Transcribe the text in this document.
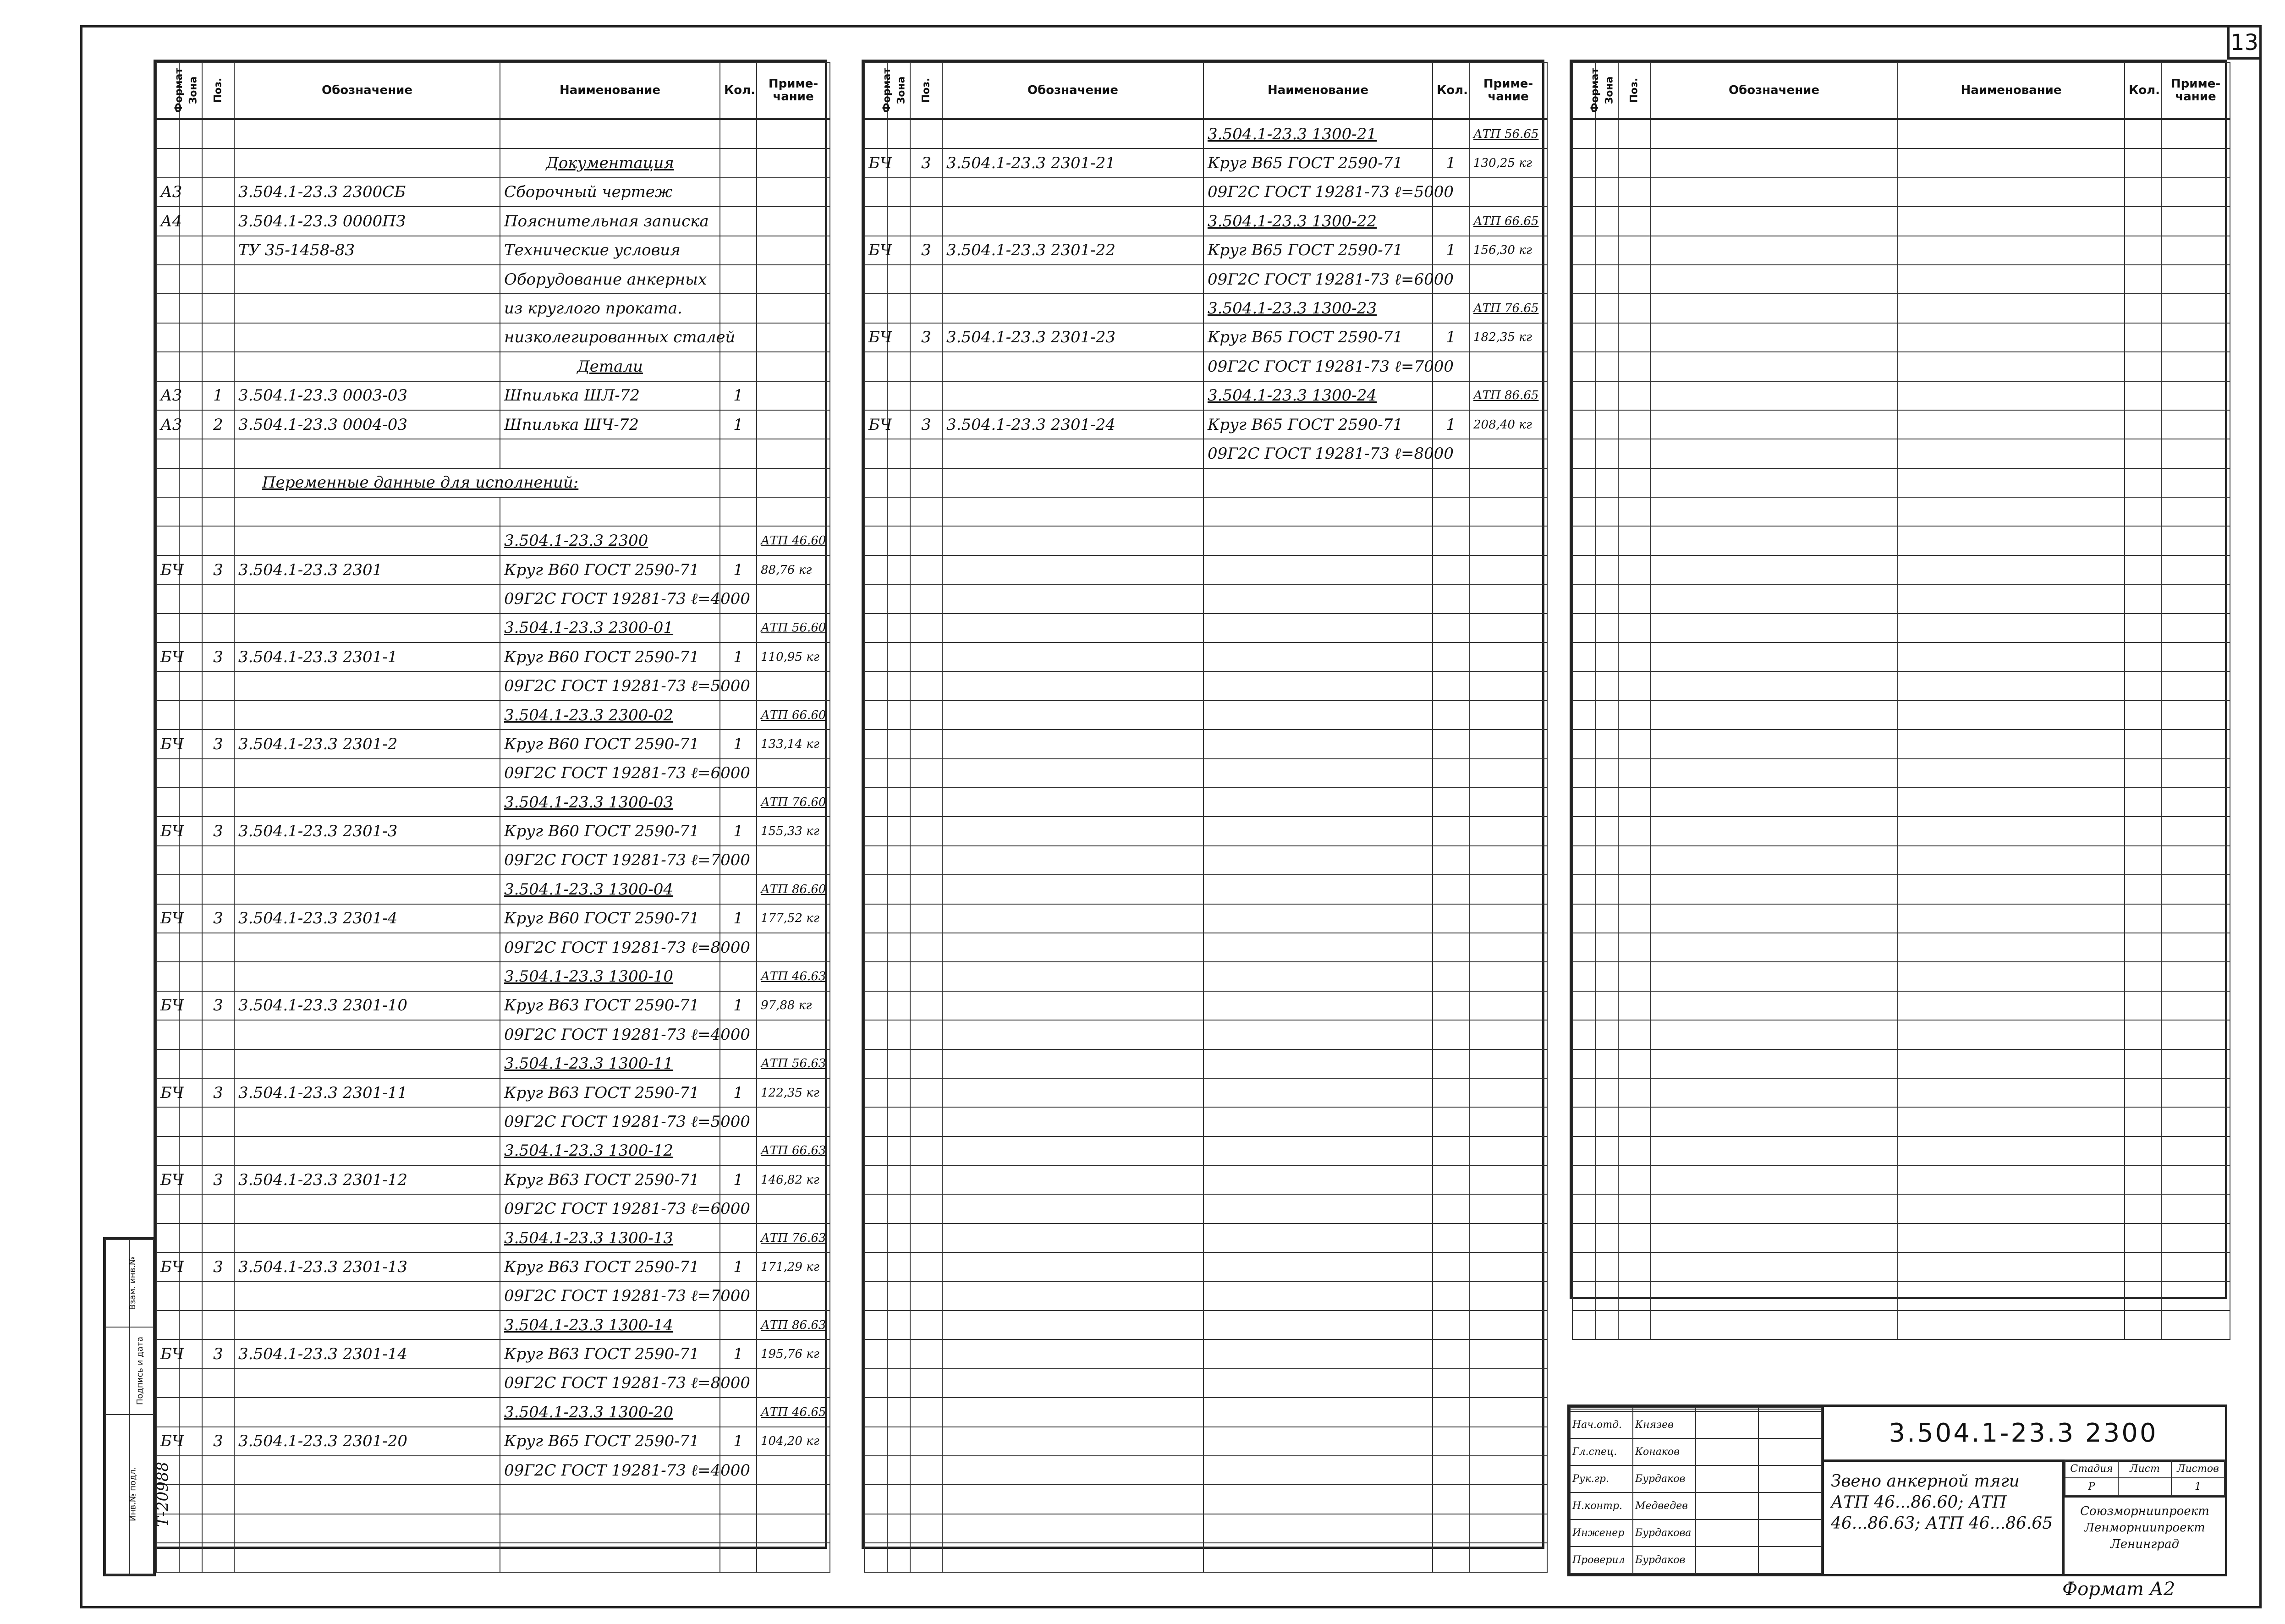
13
Формат	Зона	Поз.	Обозначение	Наименование	Кол.	Приме-
чание

				Документация		
А3			3.504.1-23.3 2300СБ	Сборочный чертеж		
А4			3.504.1-23.3 0000ПЗ	Пояснительная записка		
			ТУ 35-1458-83	Технические условия		
				Оборудование анкерных		
				из круглого проката.		
				низколегированных сталей		
				Детали		
А3		1	3.504.1-23.3 0003-03	Шпилька ШЛ-72	1	
А3		2	3.504.1-23.3 0004-03	Шпилька ШЧ-72	1	

			Переменные данные для исполнений:			

				3.504.1-23.3 2300		АТП 46.60
БЧ		3	3.504.1-23.3 2301	Круг В60 ГОСТ 2590-71	1	88,76 кг
				09Г2С ГОСТ 19281-73 ℓ=4000		
				3.504.1-23.3 2300-01		АТП 56.60
БЧ		3	3.504.1-23.3 2301-1	Круг В60 ГОСТ 2590-71	1	110,95 кг
				09Г2С ГОСТ 19281-73 ℓ=5000		
				3.504.1-23.3 2300-02		АТП 66.60
БЧ		3	3.504.1-23.3 2301-2	Круг В60 ГОСТ 2590-71	1	133,14 кг
				09Г2С ГОСТ 19281-73 ℓ=6000		
				3.504.1-23.3 1300-03		АТП 76.60
БЧ		3	3.504.1-23.3 2301-3	Круг В60 ГОСТ 2590-71	1	155,33 кг
				09Г2С ГОСТ 19281-73 ℓ=7000		
				3.504.1-23.3 1300-04		АТП 86.60
БЧ		3	3.504.1-23.3 2301-4	Круг В60 ГОСТ 2590-71	1	177,52 кг
				09Г2С ГОСТ 19281-73 ℓ=8000		
				3.504.1-23.3 1300-10		АТП 46.63
БЧ		3	3.504.1-23.3 2301-10	Круг В63 ГОСТ 2590-71	1	97,88 кг
				09Г2С ГОСТ 19281-73 ℓ=4000		
				3.504.1-23.3 1300-11		АТП 56.63
БЧ		3	3.504.1-23.3 2301-11	Круг В63 ГОСТ 2590-71	1	122,35 кг
				09Г2С ГОСТ 19281-73 ℓ=5000		
				3.504.1-23.3 1300-12		АТП 66.63
БЧ		3	3.504.1-23.3 2301-12	Круг В63 ГОСТ 2590-71	1	146,82 кг
				09Г2С ГОСТ 19281-73 ℓ=6000		
				3.504.1-23.3 1300-13		АТП 76.63
БЧ		3	3.504.1-23.3 2301-13	Круг В63 ГОСТ 2590-71	1	171,29 кг
				09Г2С ГОСТ 19281-73 ℓ=7000		
				3.504.1-23.3 1300-14		АТП 86.63
БЧ		3	3.504.1-23.3 2301-14	Круг В63 ГОСТ 2590-71	1	195,76 кг
				09Г2С ГОСТ 19281-73 ℓ=8000		
				3.504.1-23.3 1300-20		АТП 46.65
БЧ		3	3.504.1-23.3 2301-20	Круг В65 ГОСТ 2590-71	1	104,20 кг
				09Г2С ГОСТ 19281-73 ℓ=4000		

Формат	Зона	Поз.	Обозначение	Наименование	Кол.	Приме-
чание
				3.504.1-23.3 1300-21		АТП 56.65
БЧ		3	3.504.1-23.3 2301-21	Круг В65 ГОСТ 2590-71	1	130,25 кг
				09Г2С ГОСТ 19281-73 ℓ=5000		
				3.504.1-23.3 1300-22		АТП 66.65
БЧ		3	3.504.1-23.3 2301-22	Круг В65 ГОСТ 2590-71	1	156,30 кг
				09Г2С ГОСТ 19281-73 ℓ=6000		
				3.504.1-23.3 1300-23		АТП 76.65
БЧ		3	3.504.1-23.3 2301-23	Круг В65 ГОСТ 2590-71	1	182,35 кг
				09Г2С ГОСТ 19281-73 ℓ=7000		
				3.504.1-23.3 1300-24		АТП 86.65
БЧ		3	3.504.1-23.3 2301-24	Круг В65 ГОСТ 2590-71	1	208,40 кг
				09Г2С ГОСТ 19281-73 ℓ=8000		

Формат	Зона	Поз.	Обозначение	Наименование	Кол.	Приме-
чание

Взам. инв.№	
Подпись и дата	
Инв.№ подл.	Т-20988

Нач.отд.	Князев		
Гл.спец.	Конаков		
Рук.гр.	Бурдаков		
Н.контр.	Медведев		
Инженер	Бурдакова		
Проверил	Бурдаков		
3.504.1-23.3 2300
Звено анкерной тяги АТП 46...86.60; АТП 46...86.63; АТП 46...86.65
Стадия	Лист	Листов
Р		1
Союзморниипроект
Ленморниипроект
Ленинград
Формат А2
